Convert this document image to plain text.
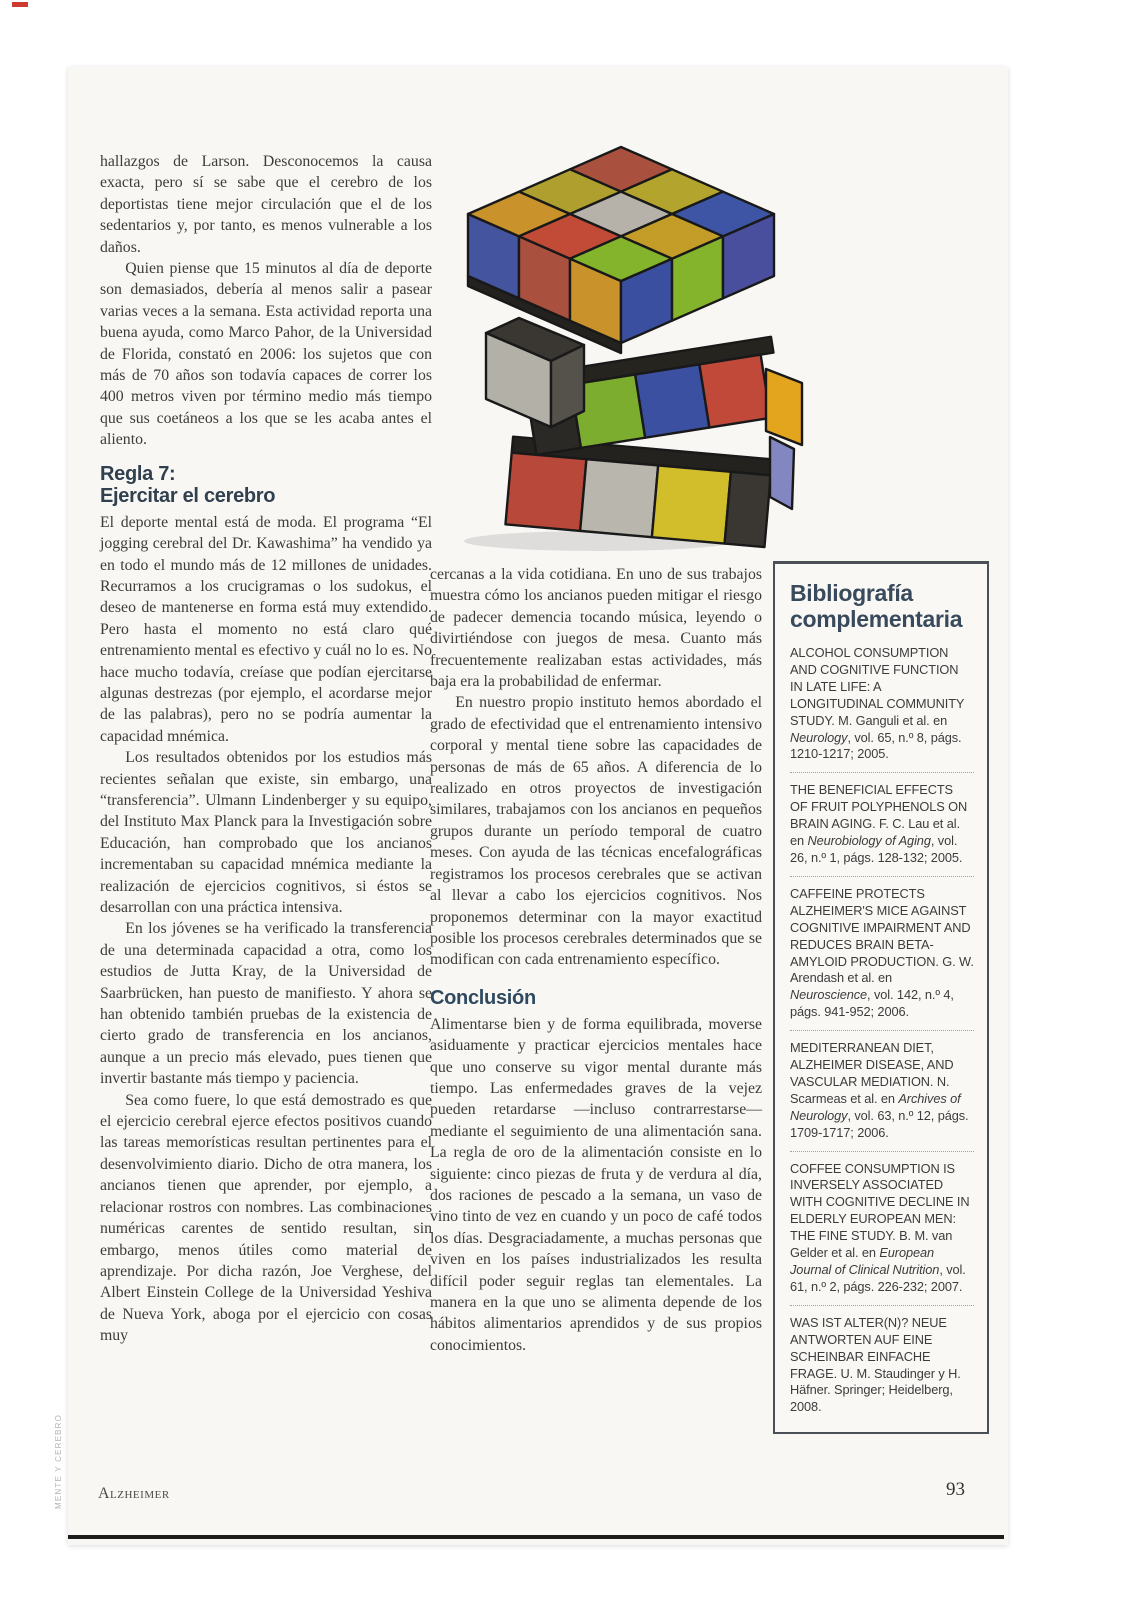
hallazgos de Larson. Desconocemos la causa exacta, pero sí se sabe que el cerebro de los deportistas tiene mejor circulación que el de los sedentarios y, por tanto, es menos vulnerable a los daños.

Quien piense que 15 minutos al día de deporte son demasiados, debería al menos salir a pasear varias veces a la semana. Esta actividad reporta una buena ayuda, como Marco Pahor, de la Universidad de Florida, constató en 2006: los sujetos que con más de 70 años son todavía capaces de correr los 400 metros viven por término medio más tiempo que sus coetáneos a los que se les acaba antes el aliento.

Regla 7:
Ejercitar el cerebro

El deporte mental está de moda. El programa “El jogging cerebral del Dr. Kawashima” ha vendido ya en todo el mundo más de 12 millones de unidades. Recurramos a los crucigramas o los sudokus, el deseo de mantenerse en forma está muy extendido. Pero hasta el momento no está claro qué entrenamiento mental es efectivo y cuál no lo es. No hace mucho todavía, creíase que podían ejercitarse algunas destrezas (por ejemplo, el acordarse mejor de las palabras), pero no se podría aumentar la capacidad mnémica.

Los resultados obtenidos por los estudios más recientes señalan que existe, sin embargo, una “transferencia”. Ulmann Lindenberger y su equipo, del Instituto Max Planck para la Investigación sobre Educación, han comprobado que los ancianos incrementaban su capacidad mnémica mediante la realización de ejercicios cognitivos, si éstos se desarrollan con una práctica intensiva.

En los jóvenes se ha verificado la transferencia de una determinada capacidad a otra, como los estudios de Jutta Kray, de la Universidad de Saarbrücken, han puesto de manifiesto. Y ahora se han obtenido también pruebas de la existencia de cierto grado de transferencia en los ancianos, aunque a un precio más elevado, pues tienen que invertir bastante más tiempo y paciencia.

Sea como fuere, lo que está demostrado es que el ejercicio cerebral ejerce efectos positivos cuando las tareas memorísticas resultan pertinentes para el desenvolvimiento diario. Dicho de otra manera, los ancianos tienen que aprender, por ejemplo, a relacionar rostros con nombres. Las combinaciones numéricas carentes de sentido resultan, sin embargo, menos útiles como material de aprendizaje. Por dicha razón, Joe Verghese, del Albert Einstein College de la Universidad Yeshiva de Nueva York, aboga por el ejercicio con cosas muy

cercanas a la vida cotidiana. En uno de sus trabajos muestra cómo los ancianos pueden mitigar el riesgo de padecer demencia tocando música, leyendo o divirtiéndose con juegos de mesa. Cuanto más frecuentemente realizaban estas actividades, más baja era la probabilidad de enfermar.

En nuestro propio instituto hemos abordado el grado de efectividad que el entrenamiento intensivo corporal y mental tiene sobre las capacidades de personas de más de 65 años. A diferencia de lo realizado en otros proyectos de investigación similares, trabajamos con los ancianos en pequeños grupos durante un período temporal de cuatro meses. Con ayuda de las técnicas encefalográficas registramos los procesos cerebrales que se activan al llevar a cabo los ejercicios cognitivos. Nos proponemos determinar con la mayor exactitud posible los procesos cerebrales determinados que se modifican con cada entrenamiento específico.

Conclusión

Alimentarse bien y de forma equilibrada, moverse asiduamente y practicar ejercicios mentales hace que uno conserve su vigor mental durante más tiempo. Las enfermedades graves de la vejez pueden retardarse —incluso contrarrestarse— mediante el seguimiento de una alimentación sana. La regla de oro de la alimentación consiste en lo siguiente: cinco piezas de fruta y de verdura al día, dos raciones de pescado a la semana, un vaso de vino tinto de vez en cuando y un poco de café todos los días. Desgraciadamente, a muchas personas que viven en los países industrializados les resulta difícil poder seguir reglas tan elementales. La manera en la que uno se alimenta depende de los hábitos alimentarios aprendidos y de sus propios conocimientos.

Bibliografía complementaria
ALCOHOL CONSUMPTION AND COGNITIVE FUNCTION IN LATE LIFE: A LONGITUDINAL COMMUNITY STUDY. M. Ganguli et al. en Neurology, vol. 65, n.º 8, págs. 1210-1217; 2005.
THE BENEFICIAL EFFECTS OF FRUIT POLYPHENOLS ON BRAIN AGING. F. C. Lau et al. en Neurobiology of Aging, vol. 26, n.º 1, págs. 128-132; 2005.
CAFFEINE PROTECTS ALZHEIMER'S MICE AGAINST COGNITIVE IMPAIRMENT AND REDUCES BRAIN BETA-AMYLOID PRODUCTION. G. W. Arendash et al. en Neuroscience, vol. 142, n.º 4, págs. 941-952; 2006.
MEDITERRANEAN DIET, ALZHEIMER DISEASE, AND VASCULAR MEDIATION. N. Scarmeas et al. en Archives of Neurology, vol. 63, n.º 12, págs. 1709-1717; 2006.
COFFEE CONSUMPTION IS INVERSELY ASSOCIATED WITH COGNITIVE DECLINE IN ELDERLY EUROPEAN MEN: THE FINE STUDY. B. M. van Gelder et al. en European Journal of Clinical Nutrition, vol. 61, n.º 2, págs. 226-232; 2007.
WAS IST ALTER(N)? NEUE ANTWORTEN AUF EINE SCHEINBAR EINFACHE FRAGE. U. M. Staudinger y H. Häfner. Springer; Heidelberg, 2008.
Alzheimer	93
MENTE Y CEREBRO
